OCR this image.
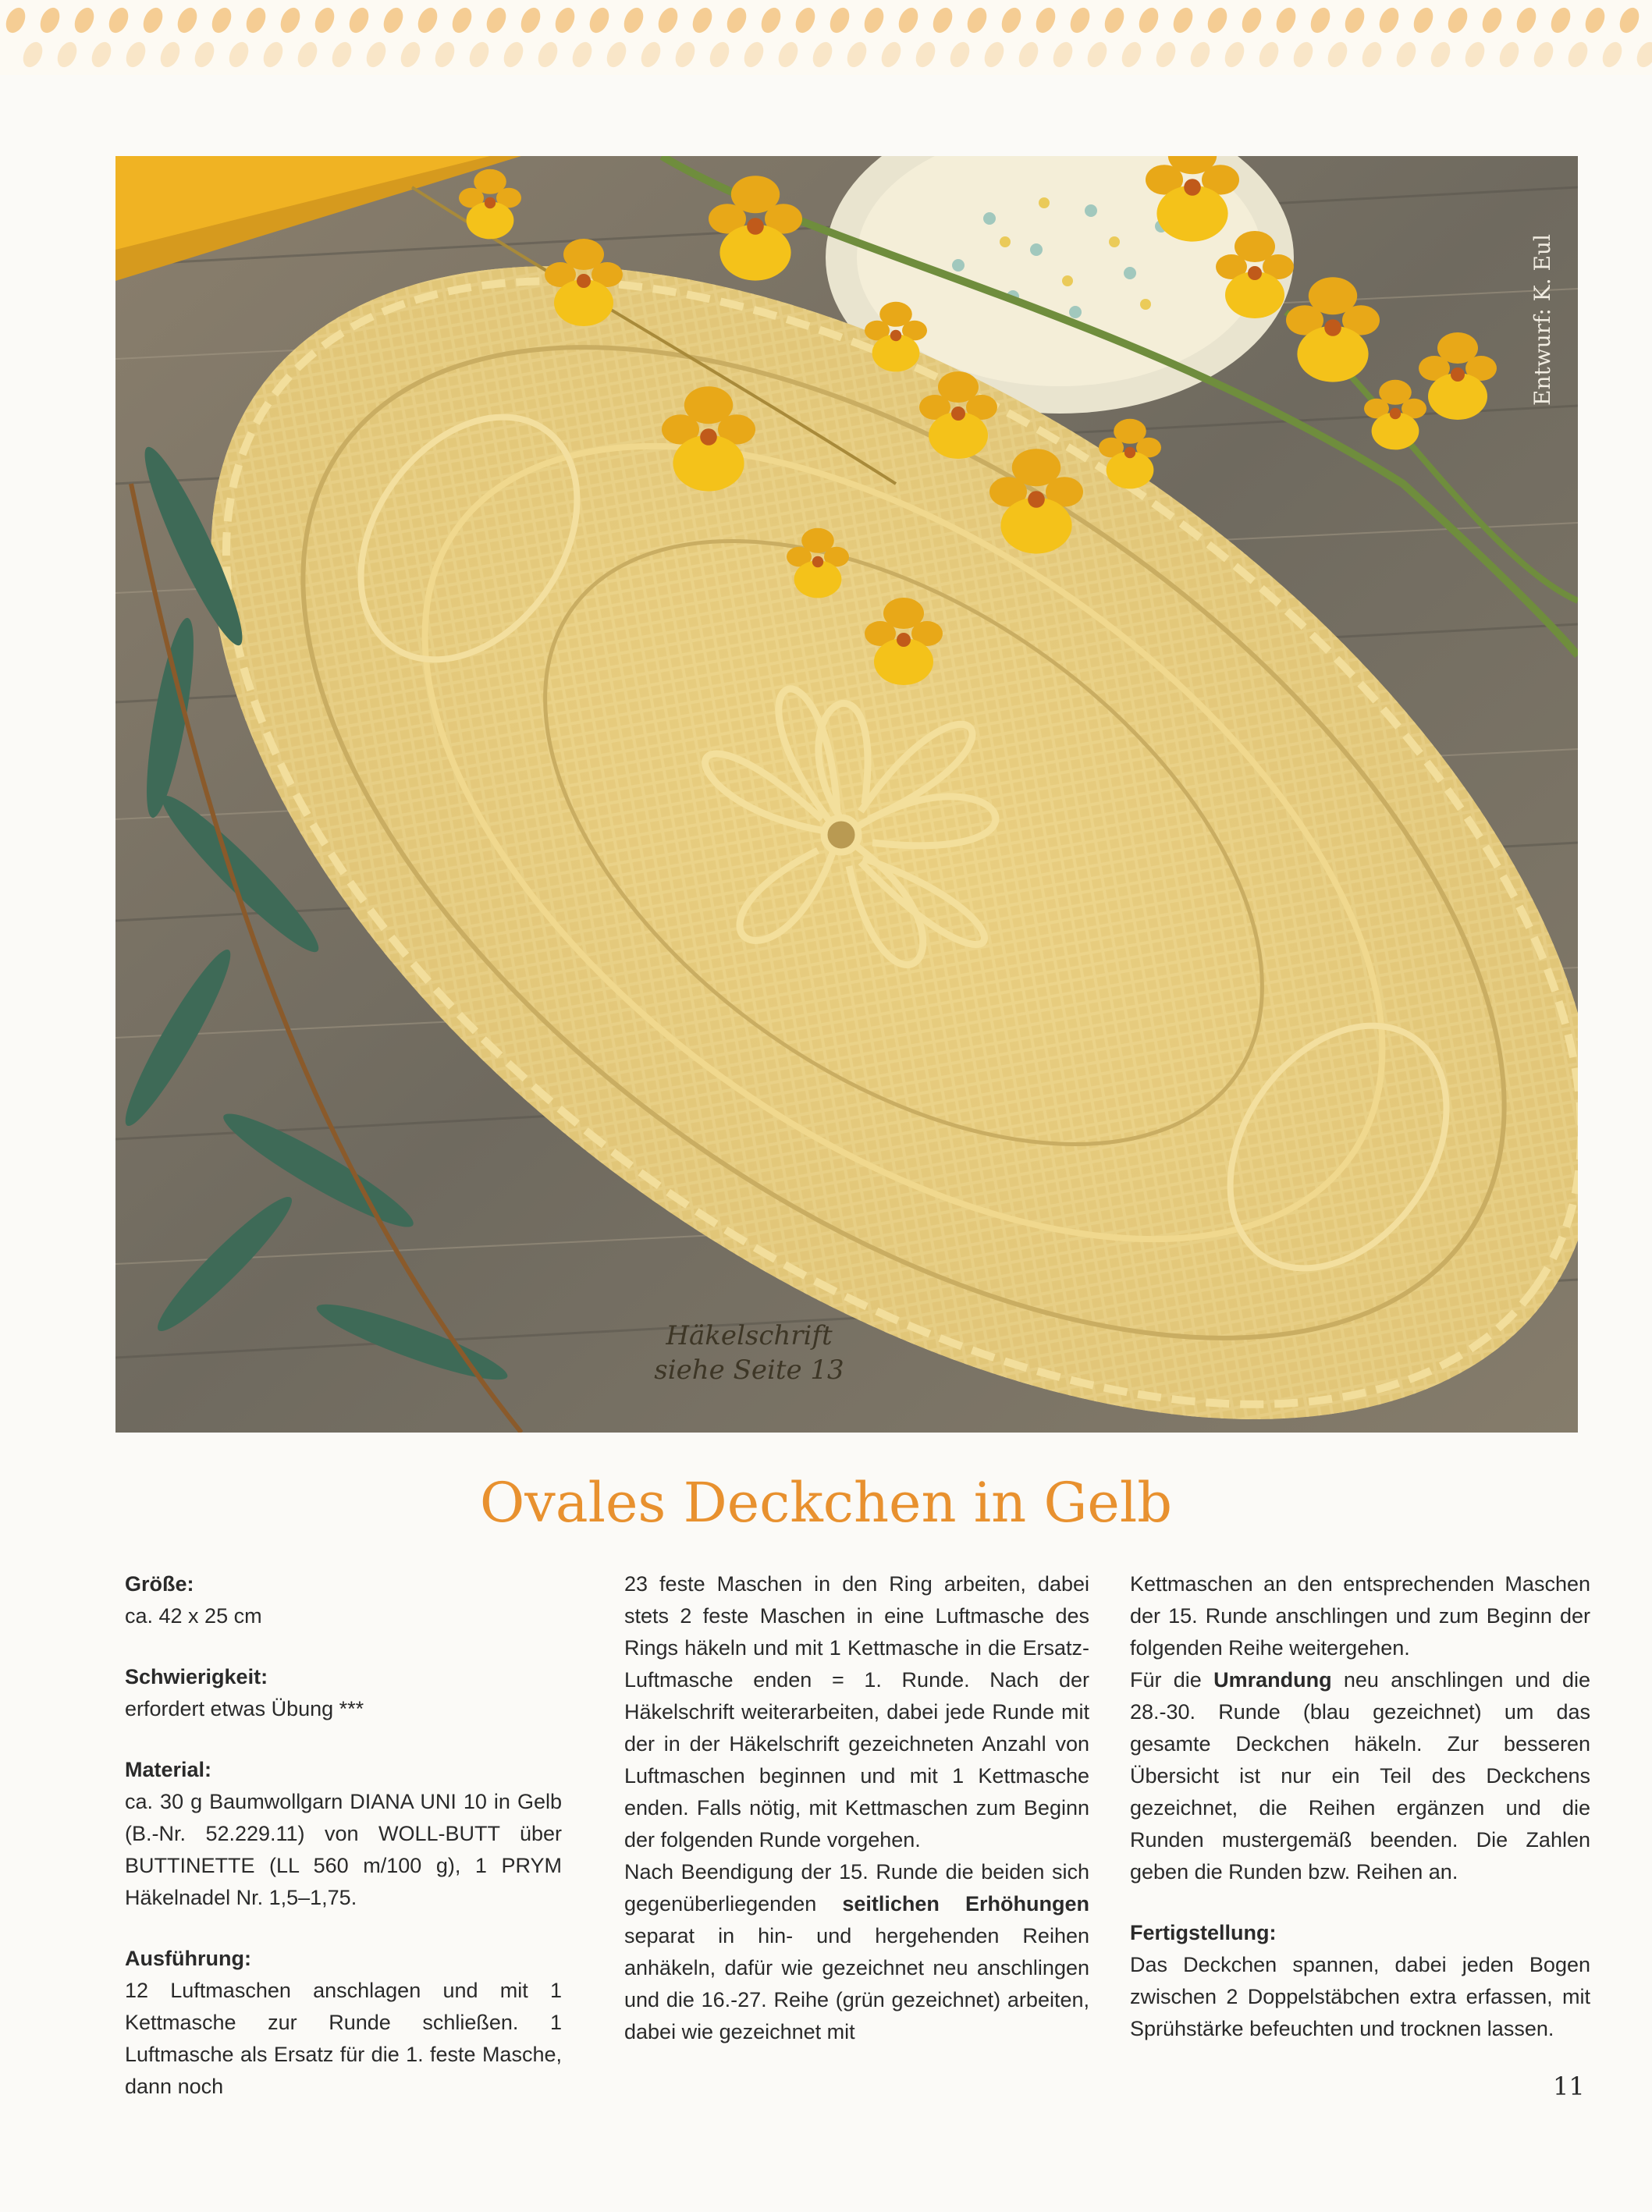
Häkelschrift
siehe Seite 13
Entwurf: K. Eul
Ovales Deckchen in Gelb

Größe:

ca. 42 x 25 cm

Schwierigkeit:

erfordert etwas Übung ***

Material:

ca. 30 g Baumwollgarn DIANA UNI 10 in Gelb (B.-Nr. 52.229.11) von WOLL-BUTT über BUTTINETTE (LL 560 m/100 g), 1 PRYM Häkelnadel Nr. 1,5–1,75.

Ausführung:

12 Luftmaschen anschlagen und mit 1 Kettmasche zur Runde schließen. 1 Luftmasche als Ersatz für die 1. feste Masche, dann noch

23 feste Maschen in den Ring arbeiten, dabei stets 2 feste Maschen in eine Luftmasche des Rings häkeln und mit 1 Kettmasche in die Ersatz-Luftmasche enden = 1. Runde. Nach der Häkelschrift weiterarbeiten, dabei jede Runde mit der in der Häkelschrift gezeichneten Anzahl von Luftmaschen beginnen und mit 1 Kettmasche enden. Falls nötig, mit Kettmaschen zum Beginn der folgenden Runde vorgehen.

Nach Beendigung der 15. Runde die beiden sich gegenüberliegenden seitlichen Erhöhungen separat in hin- und hergehenden Reihen anhäkeln, dafür wie gezeichnet neu anschlingen und die 16.-27. Reihe (grün gezeichnet) arbeiten, dabei wie gezeichnet mit

Kettmaschen an den entsprechenden Maschen der 15. Runde anschlingen und zum Beginn der folgenden Reihe weitergehen.

Für die Umrandung neu anschlingen und die 28.-30. Runde (blau gezeichnet) um das gesamte Deckchen häkeln. Zur besseren Übersicht ist nur ein Teil des Deckchens gezeichnet, die Reihen ergänzen und die Runden mustergemäß beenden. Die Zahlen geben die Runden bzw. Reihen an.

Fertigstellung:

Das Deckchen spannen, dabei jeden Bogen zwischen 2 Doppelstäbchen extra erfassen, mit Sprühstärke befeuchten und trocknen lassen.

11
